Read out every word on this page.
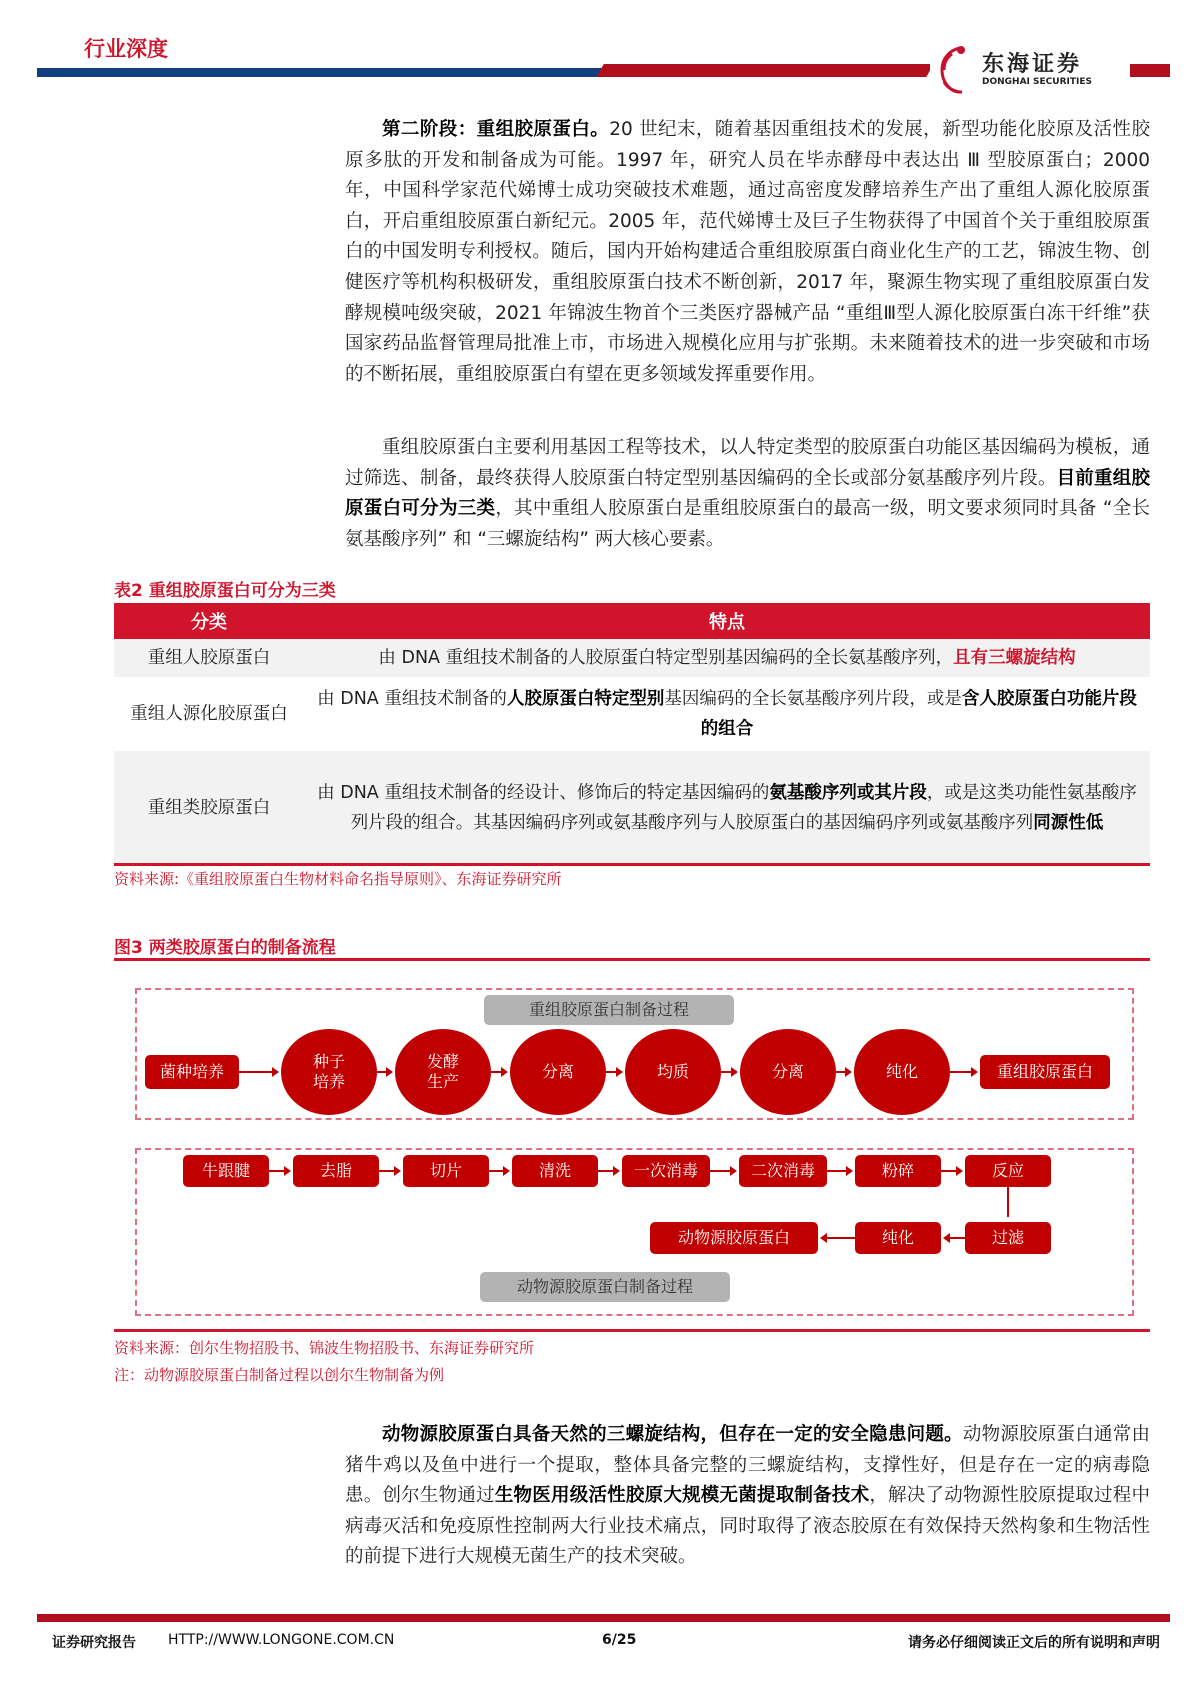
行业深度
东海证券
DONGHAI SECURITIES
第二阶段：重组胶原蛋白。20 世纪末，随着基因重组技术的发展，新型功能化胶原及活性胶原多肽的开发和制备成为可能。1997 年，研究人员在毕赤酵母中表达出 Ⅲ 型胶原蛋白；2000 年，中国科学家范代娣博士成功突破技术难题，通过高密度发酵培养生产出了重组人源化胶原蛋白，开启重组胶原蛋白新纪元。2005 年，范代娣博士及巨子生物获得了中国首个关于重组胶原蛋白的中国发明专利授权。随后，国内开始构建适合重组胶原蛋白商业化生产的工艺，锦波生物、创健医疗等机构积极研发，重组胶原蛋白技术不断创新，2017 年，聚源生物实现了重组胶原蛋白发酵规模吨级突破，2021 年锦波生物首个三类医疗器械产品 “重组Ⅲ型人源化胶原蛋白冻干纤维”获国家药品监督管理局批准上市，市场进入规模化应用与扩张期。未来随着技术的进一步突破和市场的不断拓展，重组胶原蛋白有望在更多领域发挥重要作用。
重组胶原蛋白主要利用基因工程等技术，以人特定类型的胶原蛋白功能区基因编码为模板，通过筛选、制备，最终获得人胶原蛋白特定型别基因编码的全长或部分氨基酸序列片段。目前重组胶原蛋白可分为三类，其中重组人胶原蛋白是重组胶原蛋白的最高一级，明文要求须同时具备 “全长氨基酸序列” 和 “三螺旋结构” 两大核心要素。
表2 重组胶原蛋白可分为三类
分类	特点
重组人胶原蛋白	由 DNA 重组技术制备的人胶原蛋白特定型别基因编码的全长氨基酸序列，且有三螺旋结构
重组人源化胶原蛋白	由 DNA 重组技术制备的人胶原蛋白特定型别基因编码的全长氨基酸序列片段，或是含人胶原蛋白功能片段的组合
重组类胶原蛋白	由 DNA 重组技术制备的经设计、修饰后的特定基因编码的氨基酸序列或其片段，或是这类功能性氨基酸序列片段的组合。其基因编码序列或氨基酸序列与人胶原蛋白的基因编码序列或氨基酸序列同源性低
资料来源:《重组胶原蛋白生物材料命名指导原则》、东海证券研究所
图3 两类胶原蛋白的制备流程
重组胶原蛋白制备过程
动物源胶原蛋白制备过程
资料来源：创尔生物招股书、锦波生物招股书、东海证券研究所
注：动物源胶原蛋白制备过程以创尔生物制备为例
动物源胶原蛋白具备天然的三螺旋结构，但存在一定的安全隐患问题。动物源胶原蛋白通常由猪牛鸡以及鱼中进行一个提取，整体具备完整的三螺旋结构，支撑性好，但是存在一定的病毒隐患。创尔生物通过生物医用级活性胶原大规模无菌提取制备技术，解决了动物源性胶原提取过程中病毒灭活和免疫原性控制两大行业技术痛点，同时取得了液态胶原在有效保持天然构象和生物活性的前提下进行大规模无菌生产的技术突破。
证券研究报告 HTTP://WWW.LONGONE.COM.CN	6/25	请务必仔细阅读正文后的所有说明和声明
菌种培养
种子培养
发酵生产
分离	均质	分离	纯化	重组胶原蛋白
牛跟腱	去脂	切片	清洗	一次消毒	二次消毒	粉碎	反应
过滤
纯化
动物源胶原蛋白
